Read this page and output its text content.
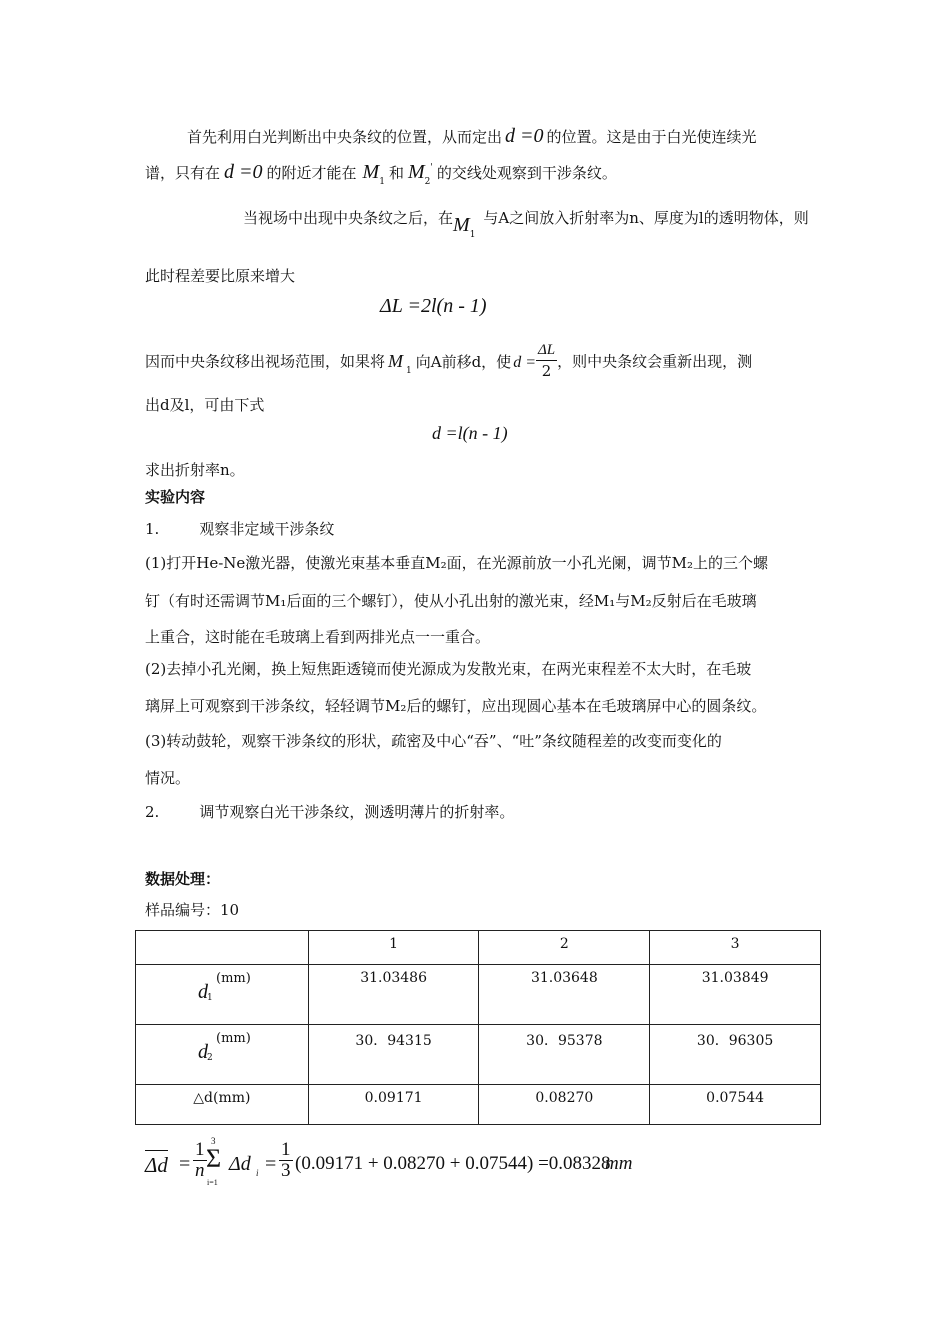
首先利用白光判断出中央条纹的位置，从而定出 d =0 的位置。这是由于白光使连续光
谱，只有在 d =0 的附近才能在 $M_1$ 和 $M_2'$ 的交线处观察到干涉条纹。
当视场中出现中央条纹之后，在$M_1$与A之间放入折射率为n、厚度为l的透明物体，则
此时程差要比原来增大
ΔL =2l(n - 1)
因而中央条纹移出视场范围，如果将 M $_1$ 向A前移d，使 $d = \frac{\Delta L}{2}$ ，则中央条纹会重新出现，测
出d及l，可由下式
d =l(n - 1)
求出折射率n。
实验内容
1.	观察非定域干涉条纹
(1)打开He-Ne激光器，使激光束基本垂直M₂面，在光源前放一小孔光阑，调节M₂上的三个螺
钉（有时还需调节M₁后面的三个螺钉），使从小孔出射的激光束，经M₁与M₂反射后在毛玻璃
上重合，这时能在毛玻璃上看到两排光点一一重合。
(2)去掉小孔光阑，换上短焦距透镜而使光源成为发散光束，在两光束程差不太大时，在毛玻
璃屏上可观察到干涉条纹，轻轻调节M₂后的螺钉，应出现圆心基本在毛玻璃屏中心的圆条纹。
(3)转动鼓轮，观察干涉条纹的形状，疏密及中心“吞”、“吐”条纹随程差的改变而变化的
情况。
2.	调节观察白光干涉条纹，测透明薄片的折射率。
数据处理：
样品编号：10
	1	2	3

d 1
(mm)	31.03486	31.03648	31.03849

d 2
(mm)	30．94315	30．95378	30．96305
△d(mm)	0.09171	0.08270	0.07544
$\Delta d = \frac{1}{n} 3$
Σ
i=1
Δd $i = \frac{1}{3} (0.09171 + 0.08270 + 0.07544) =0.08328$
mm
